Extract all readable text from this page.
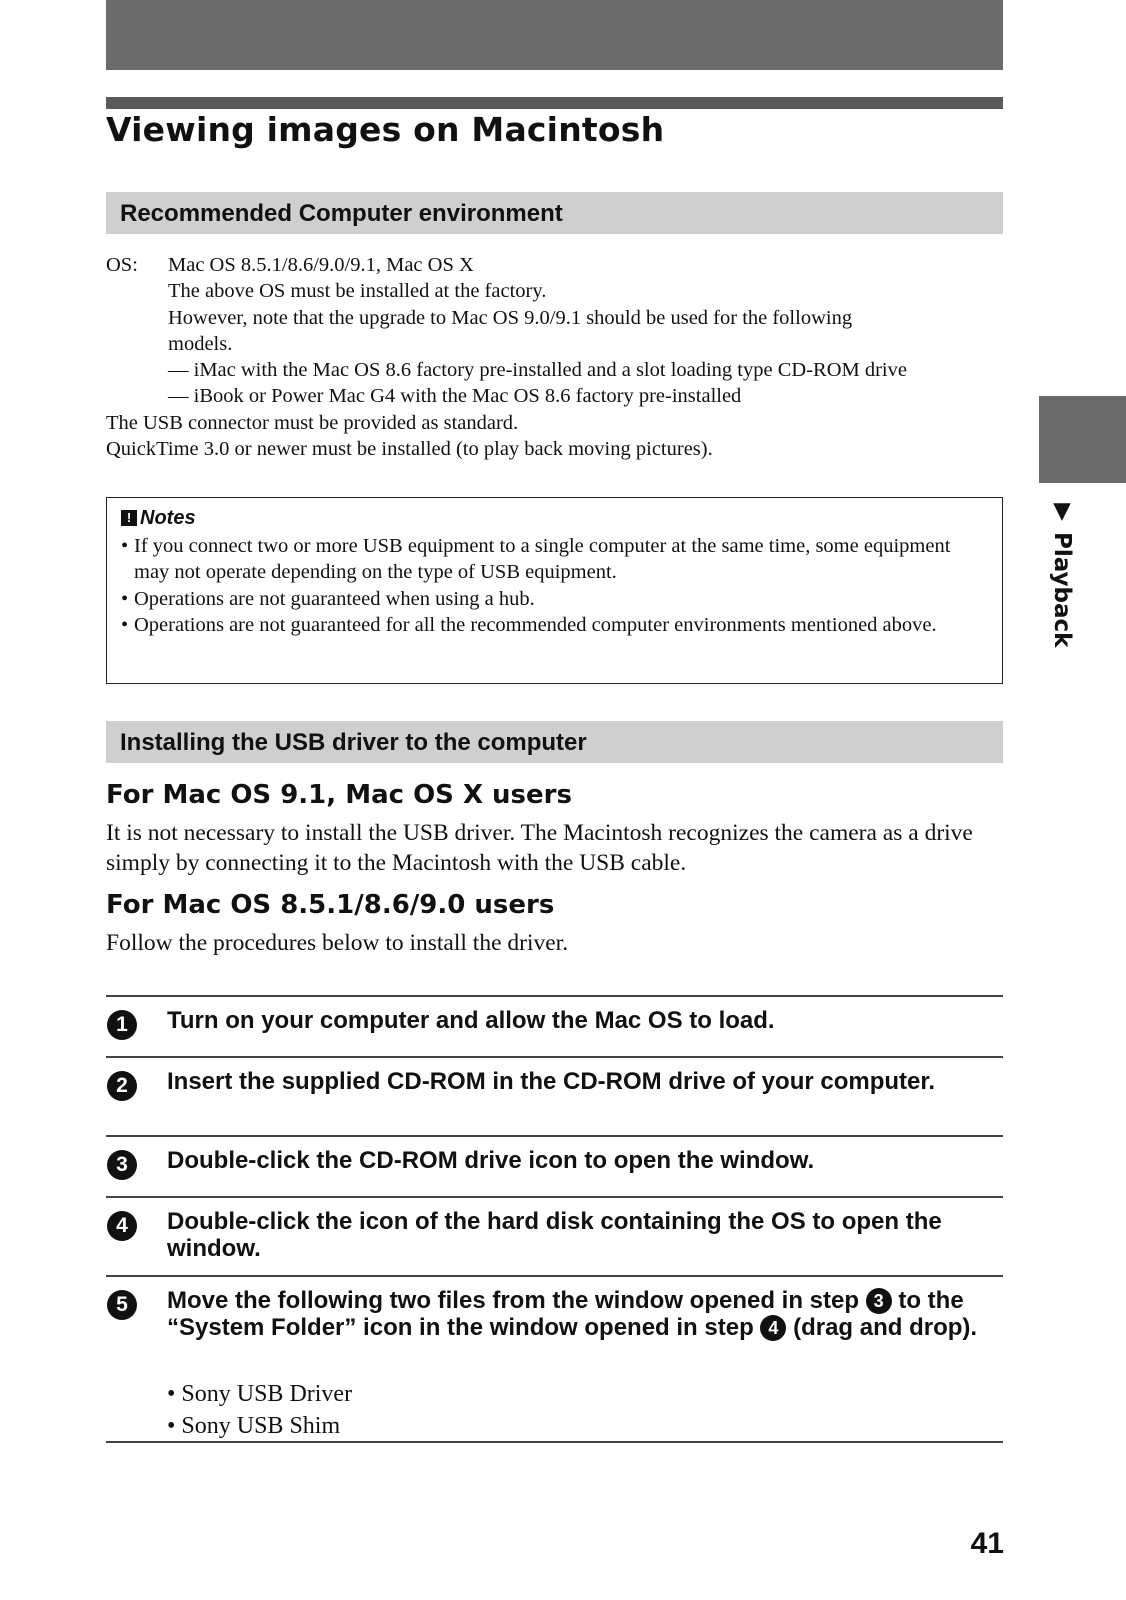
Viewing images on Macintosh
Recommended Computer environment
OS: Mac OS 8.5.1/8.6/9.0/9.1, Mac OS X
The above OS must be installed at the factory.
However, note that the upgrade to Mac OS 9.0/9.1 should be used for the following
models.
— iMac with the Mac OS 8.6 factory pre-installed and a slot loading type CD-ROM drive
— iBook or Power Mac G4 with the Mac OS 8.6 factory pre-installed
The USB connector must be provided as standard.
QuickTime 3.0 or newer must be installed (to play back moving pictures).
! Notes
• If you connect two or more USB equipment to a single computer at the same time, some equipment may not operate depending on the type of USB equipment.
• Operations are not guaranteed when using a hub.
• Operations are not guaranteed for all the recommended computer environments mentioned above.
Installing the USB driver to the computer
For Mac OS 9.1, Mac OS X users
It is not necessary to install the USB driver. The Macintosh recognizes the camera as a drive simply by connecting it to the Macintosh with the USB cable.
For Mac OS 8.5.1/8.6/9.0 users
Follow the procedures below to install the driver.
1	Turn on your computer and allow the Mac OS to load.
2	Insert the supplied CD-ROM in the CD-ROM drive of your computer.
3	Double-click the CD-ROM drive icon to open the window.
4	Double-click the icon of the hard disk containing the OS to open the window.
5	Move the following two files from the window opened in step 3 to the “System Folder” icon in the window opened in step 4 (drag and drop).
• Sony USB Driver
• Sony USB Shim
▼ Playback
41
